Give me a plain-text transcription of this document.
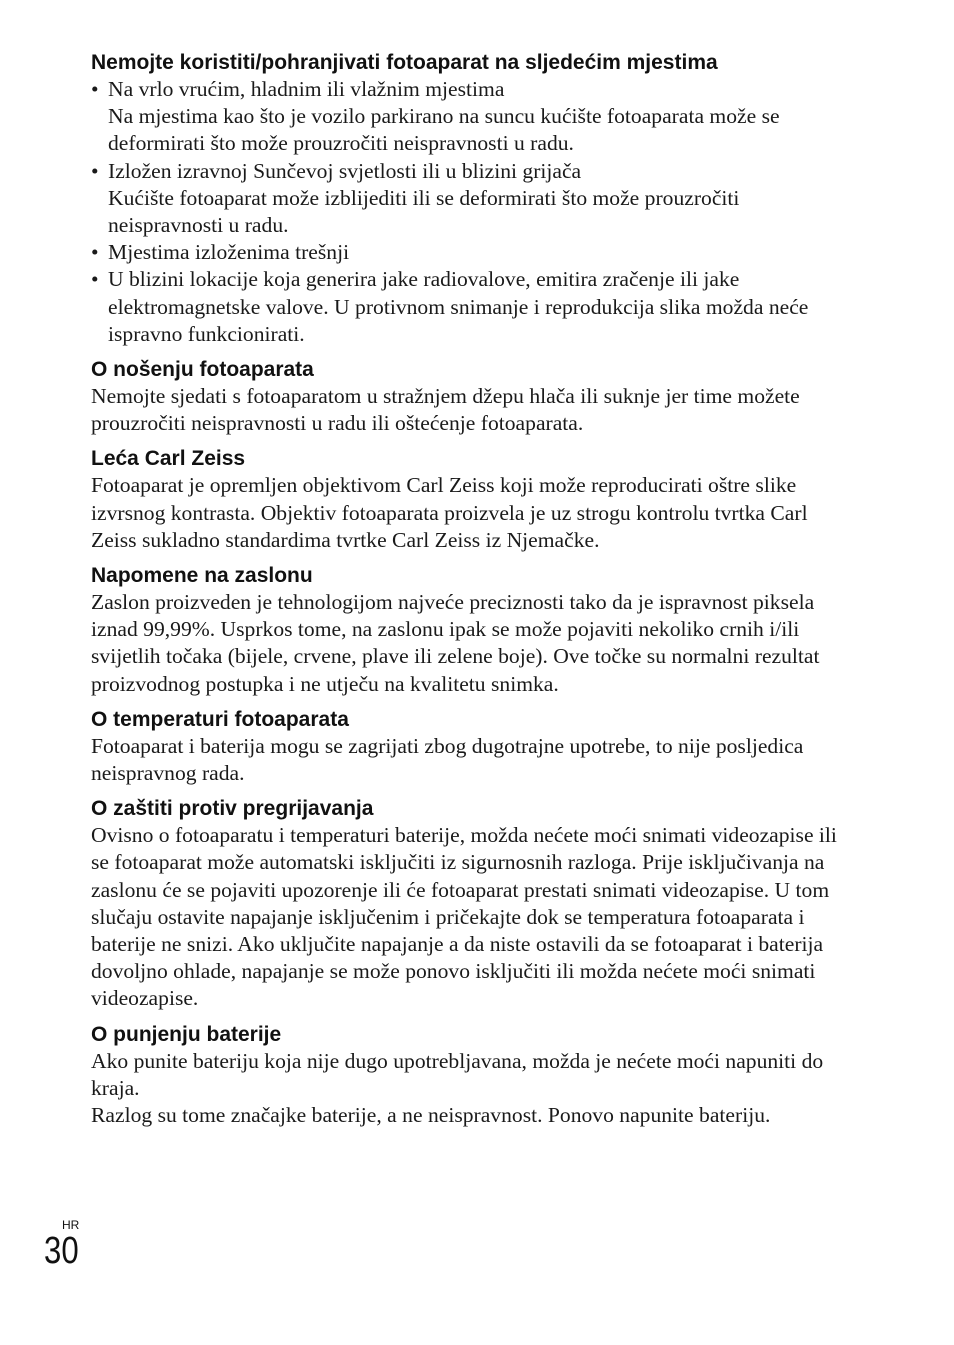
Nemojte koristiti/pohranjivati fotoaparat na sljedećim mjestima
• Na vrlo vrućim, hladnim ili vlažnim mjestima
Na mjestima kao što je vozilo parkirano na suncu kućište fotoaparata može se deformirati što može prouzročiti neispravnosti u radu.
• Izložen izravnoj Sunčevoj svjetlosti ili u blizini grijača
Kućište fotoaparat može izblijediti ili se deformirati što može prouzročiti neispravnosti u radu.
• Mjestima izloženima trešnji
• U blizini lokacije koja generira jake radiovalove, emitira zračenje ili jake elektromagnetske valove. U protivnom snimanje i reprodukcija slika možda neće ispravno funkcionirati.
O nošenju fotoaparata

Nemojte sjedati s fotoaparatom u stražnjem džepu hlača ili suknje jer time možete prouzročiti neispravnosti u radu ili oštećenje fotoaparata.

Leća Carl Zeiss

Fotoaparat je opremljen objektivom Carl Zeiss koji može reproducirati oštre slike izvrsnog kontrasta. Objektiv fotoaparata proizvela je uz strogu kontrolu tvrtka Carl Zeiss sukladno standardima tvrtke Carl Zeiss iz Njemačke.

Napomene na zaslonu

Zaslon proizveden je tehnologijom najveće preciznosti tako da je ispravnost piksela iznad 99,99%. Usprkos tome, na zaslonu ipak se može pojaviti nekoliko crnih i/ili svijetlih točaka (bijele, crvene, plave ili zelene boje). Ove točke su normalni rezultat proizvodnog postupka i ne utječu na kvalitetu snimka.

O temperaturi fotoaparata

Fotoaparat i baterija mogu se zagrijati zbog dugotrajne upotrebe, to nije posljedica neispravnog rada.

O zaštiti protiv pregrijavanja

Ovisno o fotoaparatu i temperaturi baterije, možda nećete moći snimati videozapise ili se fotoaparat može automatski isključiti iz sigurnosnih razloga. Prije isključivanja na zaslonu će se pojaviti upozorenje ili će fotoaparat prestati snimati videozapise. U tom slučaju ostavite napajanje isključenim i pričekajte dok se temperatura fotoaparata i baterije ne snizi. Ako uključite napajanje a da niste ostavili da se fotoaparat i baterija dovoljno ohlade, napajanje se može ponovo isključiti ili možda nećete moći snimati videozapise.

O punjenju baterije

Ako punite bateriju koja nije dugo upotrebljavana, možda je nećete moći napuniti do kraja.
Razlog su tome značajke baterije, a ne neispravnost. Ponovo napunite bateriju.

HR
30
